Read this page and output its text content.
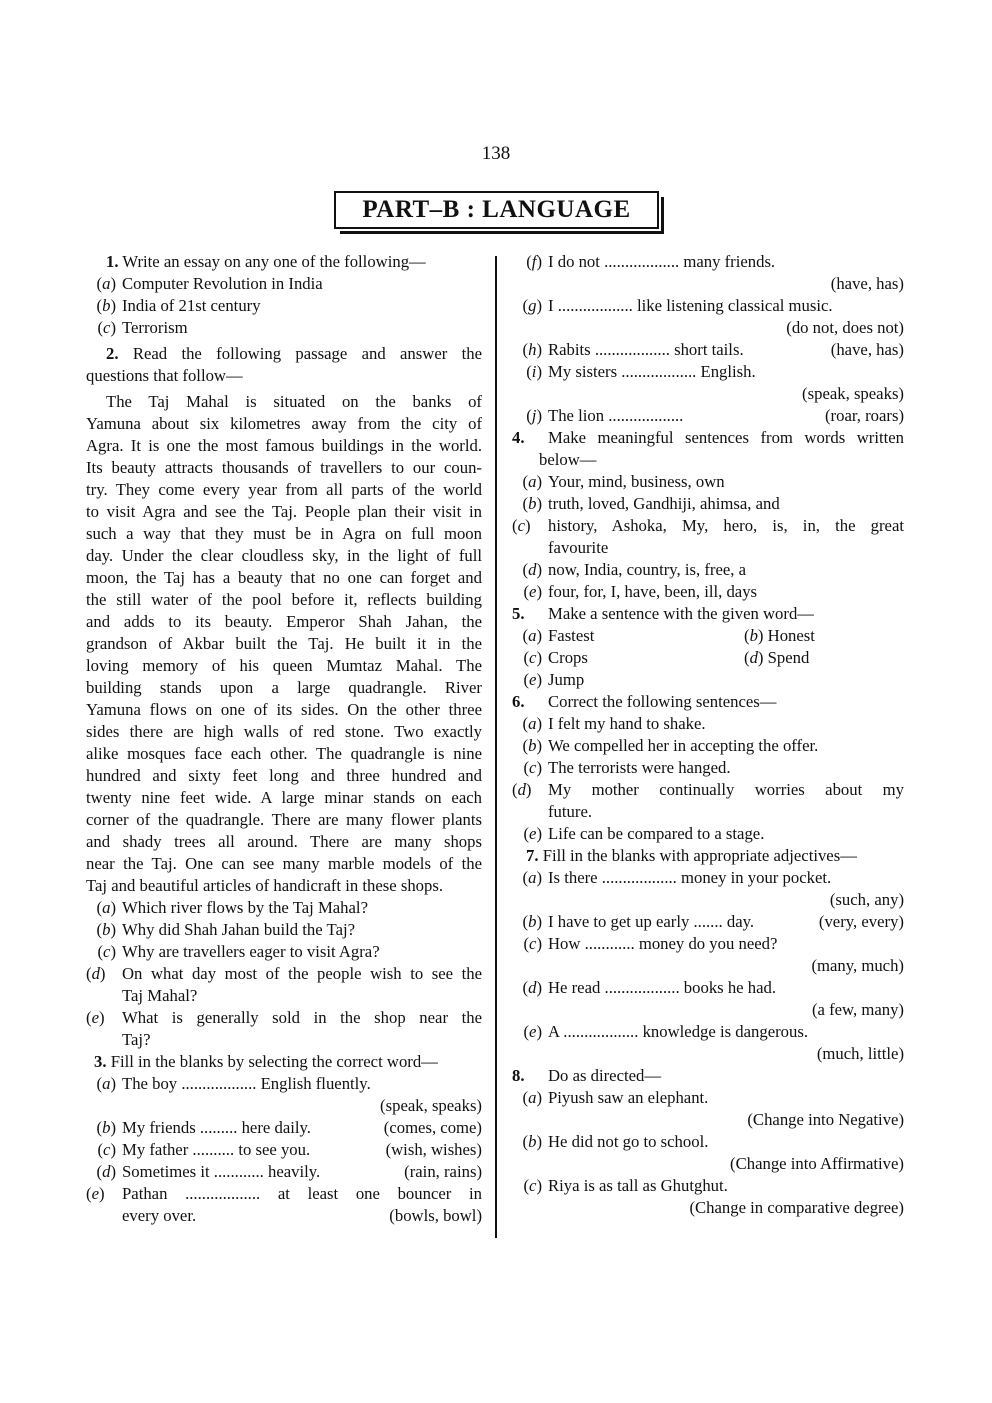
138
PART–B : LANGUAGE
1. Write an essay on any one of the following—
(a) Computer Revolution in India
(b) India of 21st century
(c) Terrorism
2. Read the following passage and answer the
questions that follow—
The Taj Mahal is situated on the banks of
Yamuna about six kilometres away from the city of
Agra. It is one the most famous buildings in the world.
Its beauty attracts thousands of travellers to our coun-
try. They come every year from all parts of the world
to visit Agra and see the Taj. People plan their visit in
such a way that they must be in Agra on full moon
day. Under the clear cloudless sky, in the light of full
moon, the Taj has a beauty that no one can forget and
the still water of the pool before it, reflects building
and adds to its beauty. Emperor Shah Jahan, the
grandson of Akbar built the Taj. He built it in the
loving memory of his queen Mumtaz Mahal. The
building stands upon a large quadrangle. River
Yamuna flows on one of its sides. On the other three
sides there are high walls of red stone. Two exactly
alike mosques face each other. The quadrangle is nine
hundred and sixty feet long and three hundred and
twenty nine feet wide. A large minar stands on each
corner of the quadrangle. There are many flower plants
and shady trees all around. There are many shops
near the Taj. One can see many marble models of the
Taj and beautiful articles of handicraft in these shops.
(a) Which river flows by the Taj Mahal?
(b) Why did Shah Jahan build the Taj?
(c) Why are travellers eager to visit Agra?
(d) On what day most of the people wish to see the
Taj Mahal?
(e)	What is generally sold in the shop near the
Taj?
3. Fill in the blanks by selecting the correct word—
(a) The boy .................. English fluently.
(speak, speaks)
(b) My friends ......... here daily.	(comes, come)
(c) My father .......... to see you.	(wish, wishes)
(d) Sometimes it ............ heavily.	(rain, rains)
(e)	Pathan .................. at least one bouncer in
every over.	(bowls, bowl)
(f) I do not .................. many friends.
(have, has)
(g) I .................. like listening classical music.
(do not, does not)
(h) Rabits .................. short tails.	(have, has)
(i) My sisters .................. English.
(speak, speaks)
(j) The lion ..................	(roar, roars)
4.	Make meaningful sentences from words written
below—
(a) Your, mind, business, own
(b) truth, loved, Gandhiji, ahimsa, and
(c)	history, Ashoka, My, hero, is, in, the great
favourite
(d) now, India, country, is, free, a
(e) four, for, I, have, been, ill, days
5.	Make a sentence with the given word—
(a) Fastest	(b) Honest
(c) Crops	(d) Spend
(e) Jump
6.	Correct the following sentences—
(a) I felt my hand to shake.
(b) We compelled her in accepting the offer.
(c) The terrorists were hanged.
(d) My mother continually worries about my
future.
(e) Life can be compared to a stage.
7. Fill in the blanks with appropriate adjectives—
(a) Is there .................. money in your pocket.
(such, any)
(b) I have to get up early ....... day.	(very, every)
(c) How ............ money do you need?
(many, much)
(d) He read .................. books he had.
(a few, many)
(e) A .................. knowledge is dangerous.
(much, little)
8.	Do as directed—
(a) Piyush saw an elephant.
(Change into Negative)
(b) He did not go to school.
(Change into Affirmative)
(c) Riya is as tall as Ghutghut.
(Change in comparative degree)
